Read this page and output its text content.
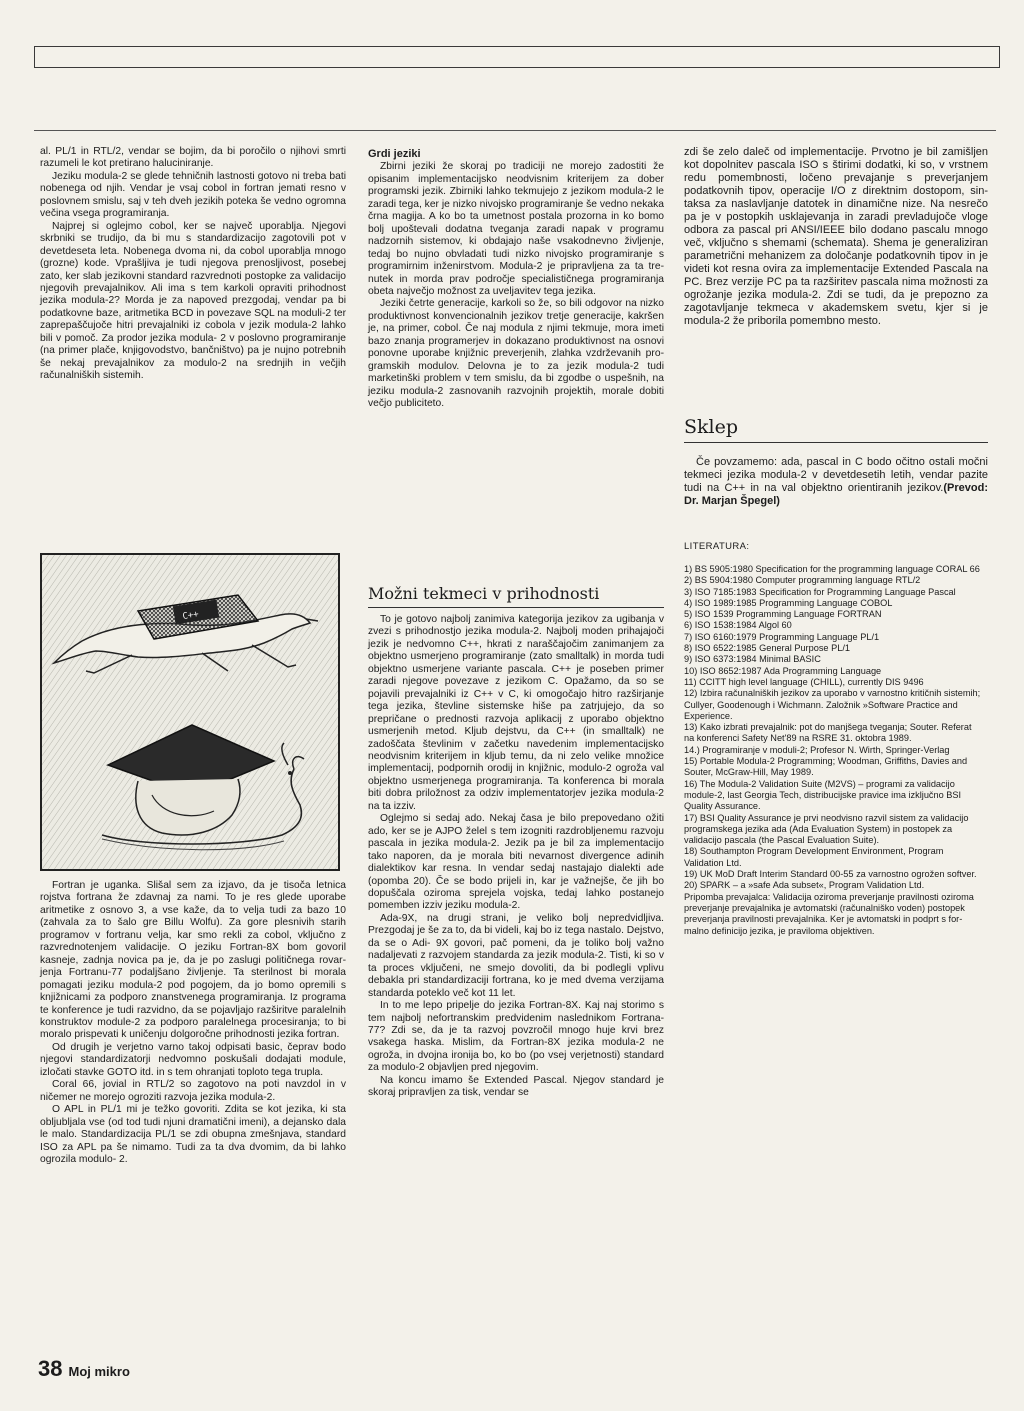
al. PL/1 in RTL/2, vendar se bojim, da bi poročilo o njihovi smrti razumeli le kot pretirano haluciniranje.

Jeziku modula-2 se glede tehničnih lastnosti gotovo ni treba bati nobenega od njih. Vendar je vsaj cobol in fortran jemati resno v poslovnem smislu, saj v teh dveh jezikih poteka še vedno ogromna večina vsega programiranja.

Najprej si oglejmo cobol, ker se največ uporablja. Njegovi skrbniki se trudijo, da bi mu s standardizacijo zagotovili pot v devetdeseta leta. Nobenega dvoma ni, da cobol uporablja mnogo (grozne) kode. Vprašljiva je tudi njegova prenosljivost, posebej zato, ker slab jezikovni standard razvrednoti postopke za validacijo njegovih prevajalnikov. Ali ima s tem karkoli opraviti prihodnost jezika modula-2? Morda je za napoved prezgodaj, vendar pa bi podatkovne baze, aritmetika BCD in povezave SQL na moduli-2 ter zaprepaščujoče hitri prevajalniki iz cobola v jezik modula-2 lahko bili v pomoč. Za prodor jezika modula- 2 v poslovno programiranje (na primer plače, knjigovodstvo, bančništvo) pa je nujno potrebnih še nekaj prevajalnikov za modulo-2 na srednjih in večjih računalniških sistemih.

C++

Fortran je uganka. Slišal sem za izjavo, da je tisoča letnica rojstva fortrana že zdavnaj za nami. To je res glede uporabe aritmetike z osnovo 3, a vse kaže, da to velja tudi za bazo 10 (zahvala za to šalo gre Billu Wolfu). Za gore plesnivih starih programov v fortranu velja, kar smo rekli za cobol, vključno z razvrednotenjem validacije. O jeziku Fortran-8X bom govoril kasneje, zadnja novica pa je, da je po zaslugi političnega rovarjenja Fortranu-77 podaljšano življenje. Ta sterilnost bi morala pomagati jeziku modula-2 pod pogojem, da jo bomo opremili s knjižnicami za podporo znanstvenega programiranja. Iz programa te konference je tudi razvidno, da se pojavljajo razširitve paralelnih konstruktov module-2 za podporo paralelnega procesiranja; to bi moralo prispevati k uničenju dolgoročne prihodnosti jezika fortran.

Od drugih je verjetno varno takoj odpisati basic, čeprav bodo njegovi standardizatorji nedvomno poskušali dodajati module, izločati stavke GOTO itd. in s tem ohranjati toploto tega trupla.

Coral 66, jovial in RTL/2 so zagotovo na poti navzdol in v ničemer ne morejo ogroziti razvoja jezika modula-2.

O APL in PL/1 mi je težko govoriti. Zdita se kot jezika, ki sta obljubljala vse (od tod tudi njuni dramatični imeni), a dejansko dala le malo. Standardizacija PL/1 se zdi obupna zmešnjava, standard ISO za APL pa še nimamo. Tudi za ta dva dvomim, da bi lahko ogrozila modulo- 2.

Grdi jeziki

Zbirni jeziki že skoraj po tradiciji ne morejo zadostiti že opisanim implementacijsko neodvisnim kriterijem za dober programski jezik. Zbirniki lahko tekmujejo z jezikom modula-2 le zaradi tega, ker je nizko nivojsko programiranje še vedno nekaka črna magija. A ko bo ta umetnost postala prozorna in ko bomo bolj upoštevali dodatna tveganja zaradi napak v programu nadzornih sistemov, ki obdajajo naše vsakodnevno življenje, tedaj bo nujno obvladati tudi nizko nivojsko programiranje s programirnim inženirstvom. Modula-2 je pripravljena za ta trenutek in morda prav področje specialističnega programiranja obeta največjo možnost za uveljavitev tega jezika.

Jeziki četrte generacije, karkoli so že, so bili odgovor na nizko produktivnost konvencionalnih jezikov tretje generacije, kakršen je, na primer, cobol. Če naj modula z njimi tekmuje, mora imeti bazo znanja programerjev in dokazano produktivnost na osnovi ponovne uporabe knjižnic preverjenih, zlahka vzdrževanih programskih modulov. Delovna je to za jezik modula-2 tudi marketinški problem v tem smislu, da bi zgodbe o uspešnih, na jeziku modula-2 zasnovanih razvojnih projektih, morale dobiti večjo publiciteto.

Možni tekmeci v prihodnosti

To je gotovo najbolj zanimiva kategorija jezikov za ugibanja v zvezi s prihodnostjo jezika modula-2. Najbolj moden prihajajoči jezik je nedvomno C++, hkrati z naraščajočim zanimanjem za objektno usmerjeno programiranje (zato smalltalk) in morda tudi objektno usmerjene variante pascala. C++ je poseben primer zaradi njegove povezave z jezikom C. Opažamo, da so se pojavili prevajalniki iz C++ v C, ki omogočajo hitro razširjanje tega jezika, števline sistemske hiše pa zatrjujejo, da so prepričane o prednosti razvoja aplikacij z uporabo objektno usmerjenih metod. Kljub dejstvu, da C++ (in smalltalk) ne zadoščata števlinim v začetku navedenim implementacijsko neodvisnim kriterijem in kljub temu, da ni zelo velike množice implementacij, podpornih orodij in knjižnic, modulo-2 ogroža val objektno usmerjenega programiranja. Ta konferenca bi morala biti dobra priložnost za odziv implementatorjev jezika modula-2 na ta izziv.

Oglejmo si sedaj ado. Nekaj časa je bilo prepovedano ožiti ado, ker se je AJPO želel s tem izogniti razdrobljenemu razvoju pascala in jezika modula-2. Jezik pa je bil za implementacijo tako naporen, da je morala biti nevarnost divergence adinih dialektikov kar resna. In vendar sedaj nastajajo dialekti ade (opomba 20). Če se bodo prijeli in, kar je važnejše, če jih bo dopuščala oziroma sprejela vojska, tedaj lahko postanejo pomemben izziv jeziku modula-2.

Ada-9X, na drugi strani, je veliko bolj nepredvidljiva. Prezgodaj je še za to, da bi videli, kaj bo iz tega nastalo. Dejstvo, da se o Adi- 9X govori, pač pomeni, da je toliko bolj važno nadaljevati z razvojem standarda za jezik modula-2. Tisti, ki so v ta proces vključeni, ne smejo dovoliti, da bi podlegli vplivu debakla pri standardizaciji fortrana, ko je med dvema verzijama standarda poteklo več kot 11 let.

In to me lepo pripelje do jezika Fortran-8X. Kaj naj storimo s tem najbolj nefortranskim predvidenim naslednikom Fortrana-77? Zdi se, da je ta razvoj povzročil mnogo huje krvi brez vsakega haska. Mislim, da Fortran-8X jezika modula-2 ne ogroža, in dvojna ironija bo, ko bo (po vsej verjetnosti) standard za modulo-2 objavljen pred njegovim.

Na koncu imamo še Extended Pascal. Njegov standard je skoraj pripravljen za tisk, vendar se

zdi še zelo daleč od implementacije. Prvotno je bil zamišljen kot dopolnitev pascala ISO s štirimi dodatki, ki so, v vrstnem redu pomembnosti, ločeno prevajanje s preverjanjem podatkovnih tipov, operacije I/O z direktnim dostopom, sintaksa za naslavljanje datotek in dinamične nize. Na nesrečo pa je v postopkih usklajevanja in zaradi prevladujoče vloge odbora za pascal pri ANSI/IEEE bilo dodano pascalu mnogo več, vključno s shemami (schemata). Shema je generaliziran parametrični mehanizem za določanje podatkovnih tipov in je videti kot resna ovira za implementacije Extended Pascala na PC. Brez verzije PC pa ta razširitev pascala nima možnosti za ogrožanje jezika modula-2. Zdi se tudi, da je prepozno za zagotavljanje tekmeca v akademskem svetu, kjer si je modula-2 že priborila pomembno mesto.

Sklep
Če povzamemo: ada, pascal in C bodo očitno ostali močni tekmeci jezika modula-2 v devetdesetih letih, vendar pazite tudi na C++ in na val objektno orientiranih jezikov.(Prevod: Dr. Marjan Špegel)
LITERATURA:
1) BS 5905:1980 Specification for the programming language CORAL 66
2) BS 5904:1980 Computer programming language RTL/2
3) ISO 7185:1983 Specification for Programming Language Pascal
4) ISO 1989:1985 Programming Language COBOL
5) ISO 1539 Programming Language FORTRAN
6) ISO 1538:1984 Algol 60
7) ISO 6160:1979 Programming Language PL/1
8) ISO 6522:1985 General Purpose PL/1
9) ISO 6373:1984 Minimal BASIC
10) ISO 8652:1987 Ada Programming Language
11) CCITT high level language (CHILL), currently DIS 9496
12) Izbira računalniških jezikov za uporabo v varnostno kritičnih sistemih; Cullyer, Goodenough i Wichmann. Založnik »Software Practice and Experience.
13) Kako izbrati prevajalnik: pot do manjšega tveganja; Souter. Referat na konferenci Safety Net'89 na RSRE 31. oktobra 1989.
14.) Programiranje v moduli-2; Profesor N. Wirth, Springer-Verlag
15) Portable Modula-2 Programming; Woodman, Griffiths, Davies and Souter, McGraw-Hill, May 1989.
16) The Modula-2 Validation Suite (M2VS) – programi za validacijo module-2, last Georgia Tech, distribucijske pravice ima izključno BSI Quality Assurance.
17) BSI Quality Assurance je prvi neodvisno razvil sistem za validacijo programskega jezika ada (Ada Evaluation System) in postopek za validacijo pascala (the Pascal Evaluation Suite).
18) Southampton Program Development Environment, Program Validation Ltd.
19) UK MoD Draft Interim Standard 00-55 za varnostno ogrožen softver.
20) SPARK – a »safe Ada subset«, Program Validation Ltd.
Pripomba prevajalca: Validacija oziroma preverjanje pravilnosti oziroma preverjanje prevajalnika je avtomatski (računalniško voden) postopek preverjanja pravilnosti prevajalnika. Ker je avtomatski in podprt s formalno definicijo jezika, je praviloma objektiven.
38 Moj mikro
